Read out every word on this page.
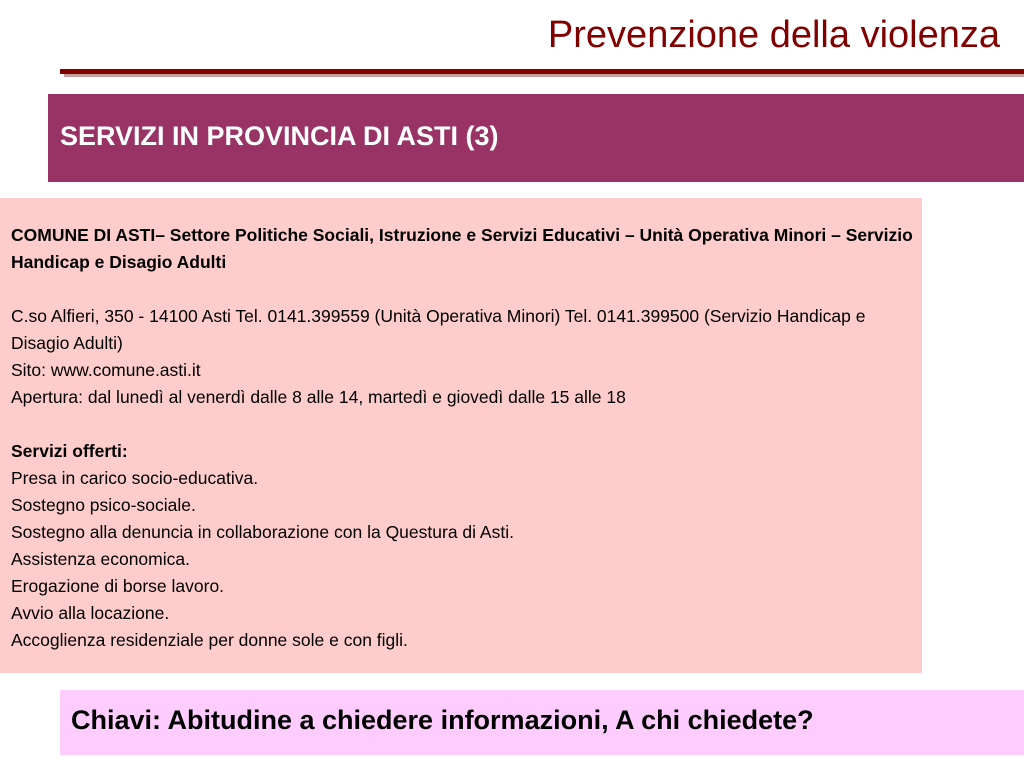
Prevenzione della violenza
SERVIZI IN PROVINCIA DI ASTI (3)

COMUNE DI ASTI– Settore Politiche Sociali, Istruzione e Servizi Educativi – Unità Operativa Minori – Servizio Handicap e Disagio Adulti

C.so Alfieri, 350 - 14100 Asti Tel. 0141.399559 (Unità Operativa Minori) Tel. 0141.399500 (Servizio Handicap e Disagio Adulti)

Sito: www.comune.asti.it

Apertura: dal lunedì al venerdì dalle 8 alle 14, martedì e giovedì dalle 15 alle 18

Servizi offerti:

Presa in carico socio-educativa.

Sostegno psico-sociale.

Sostegno alla denuncia in collaborazione con la Questura di Asti.

Assistenza economica.

Erogazione di borse lavoro.

Avvio alla locazione.

Accoglienza residenziale per donne sole e con figli.

Chiavi: Abitudine a chiedere informazioni, A chi chiedete?
